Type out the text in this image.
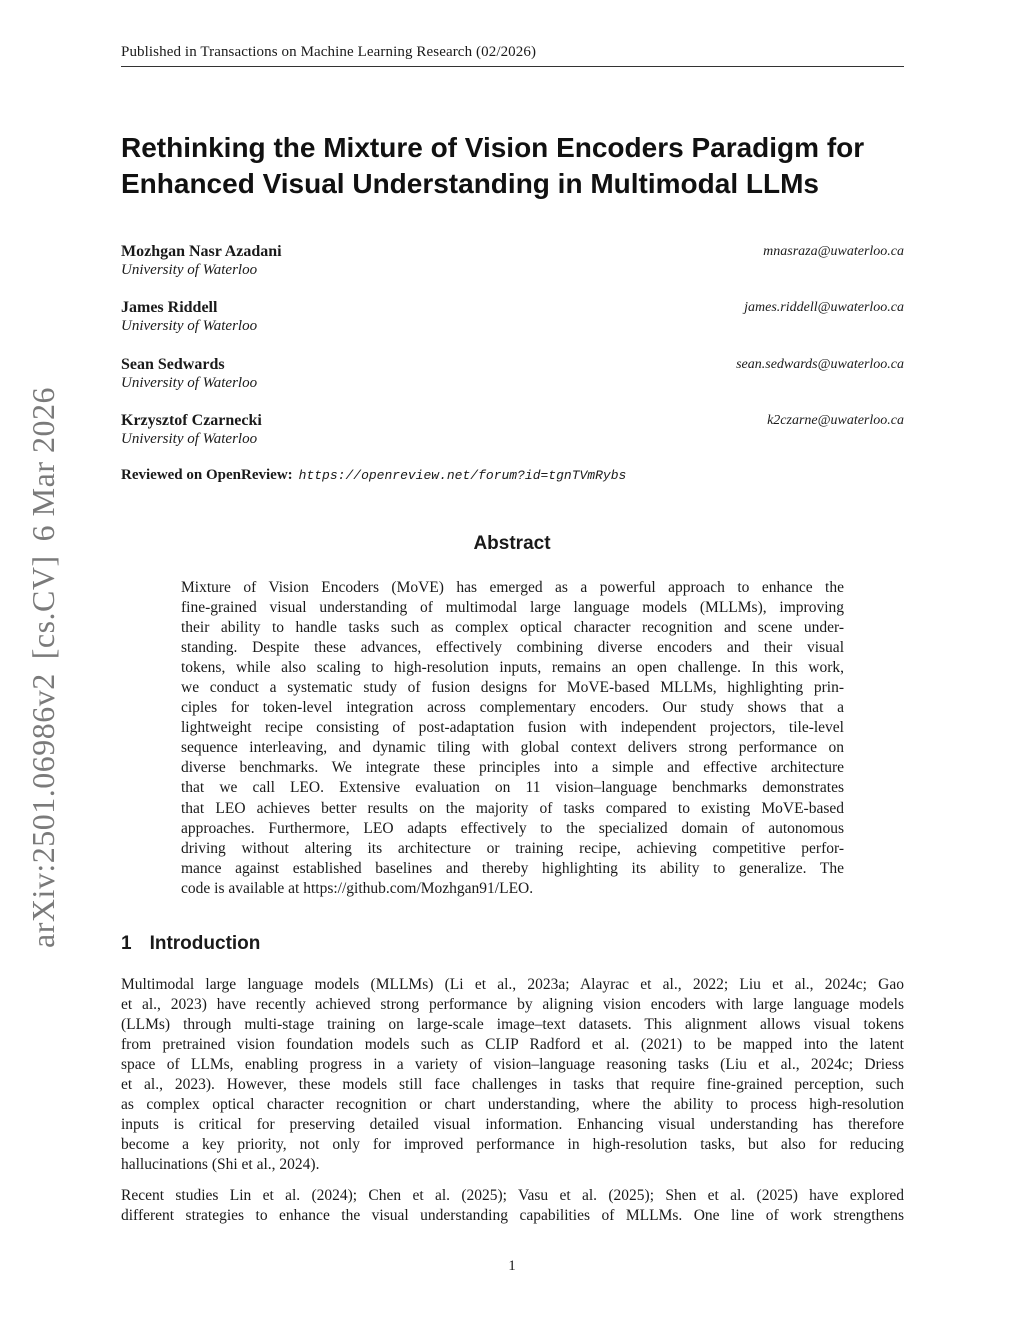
Published in Transactions on Machine Learning Research (02/2026)
arXiv:2501.06986v2[cs.CV]6 Mar 2026
Rethinking the Mixture of Vision Encoders Paradigm for
Enhanced Visual Understanding in Multimodal LLMs
Mozhgan Nasr Azadani
University of Waterloo
mnasraza@uwaterloo.ca
James Riddell
University of Waterloo
james.riddell@uwaterloo.ca
Sean Sedwards
University of Waterloo
sean.sedwards@uwaterloo.ca
Krzysztof Czarnecki
University of Waterloo
k2czarne@uwaterloo.ca
Reviewed on OpenReview: https://openreview.net/forum?id=tgnTVmRybs
Abstract
Mixture of Vision Encoders (MoVE) has emerged as a powerful approach to enhance the
fine-grained visual understanding of multimodal large language models (MLLMs), improving
their ability to handle tasks such as complex optical character recognition and scene under-
standing. Despite these advances, effectively combining diverse encoders and their visual
tokens, while also scaling to high-resolution inputs, remains an open challenge. In this work,
we conduct a systematic study of fusion designs for MoVE-based MLLMs, highlighting prin-
ciples for token-level integration across complementary encoders. Our study shows that a
lightweight recipe consisting of post-adaptation fusion with independent projectors, tile-level
sequence interleaving, and dynamic tiling with global context delivers strong performance on
diverse benchmarks. We integrate these principles into a simple and effective architecture
that we call LEO. Extensive evaluation on 11 vision–language benchmarks demonstrates
that LEO achieves better results on the majority of tasks compared to existing MoVE-based
approaches. Furthermore, LEO adapts effectively to the specialized domain of autonomous
driving without altering its architecture or training recipe, achieving competitive perfor-
mance against established baselines and thereby highlighting its ability to generalize. The
code is available at https://github.com/Mozhgan91/LEO.
1 Introduction
Multimodal large language models (MLLMs) (Li et al., 2023a; Alayrac et al., 2022; Liu et al., 2024c; Gao
et al., 2023) have recently achieved strong performance by aligning vision encoders with large language models
(LLMs) through multi-stage training on large-scale image–text datasets. This alignment allows visual tokens
from pretrained vision foundation models such as CLIP Radford et al. (2021) to be mapped into the latent
space of LLMs, enabling progress in a variety of vision–language reasoning tasks (Liu et al., 2024c; Driess
et al., 2023). However, these models still face challenges in tasks that require fine-grained perception, such
as complex optical character recognition or chart understanding, where the ability to process high-resolution
inputs is critical for preserving detailed visual information. Enhancing visual understanding has therefore
become a key priority, not only for improved performance in high-resolution tasks, but also for reducing
hallucinations (Shi et al., 2024).
Recent studies Lin et al. (2024); Chen et al. (2025); Vasu et al. (2025); Shen et al. (2025) have explored
different strategies to enhance the visual understanding capabilities of MLLMs. One line of work strengthens
1
